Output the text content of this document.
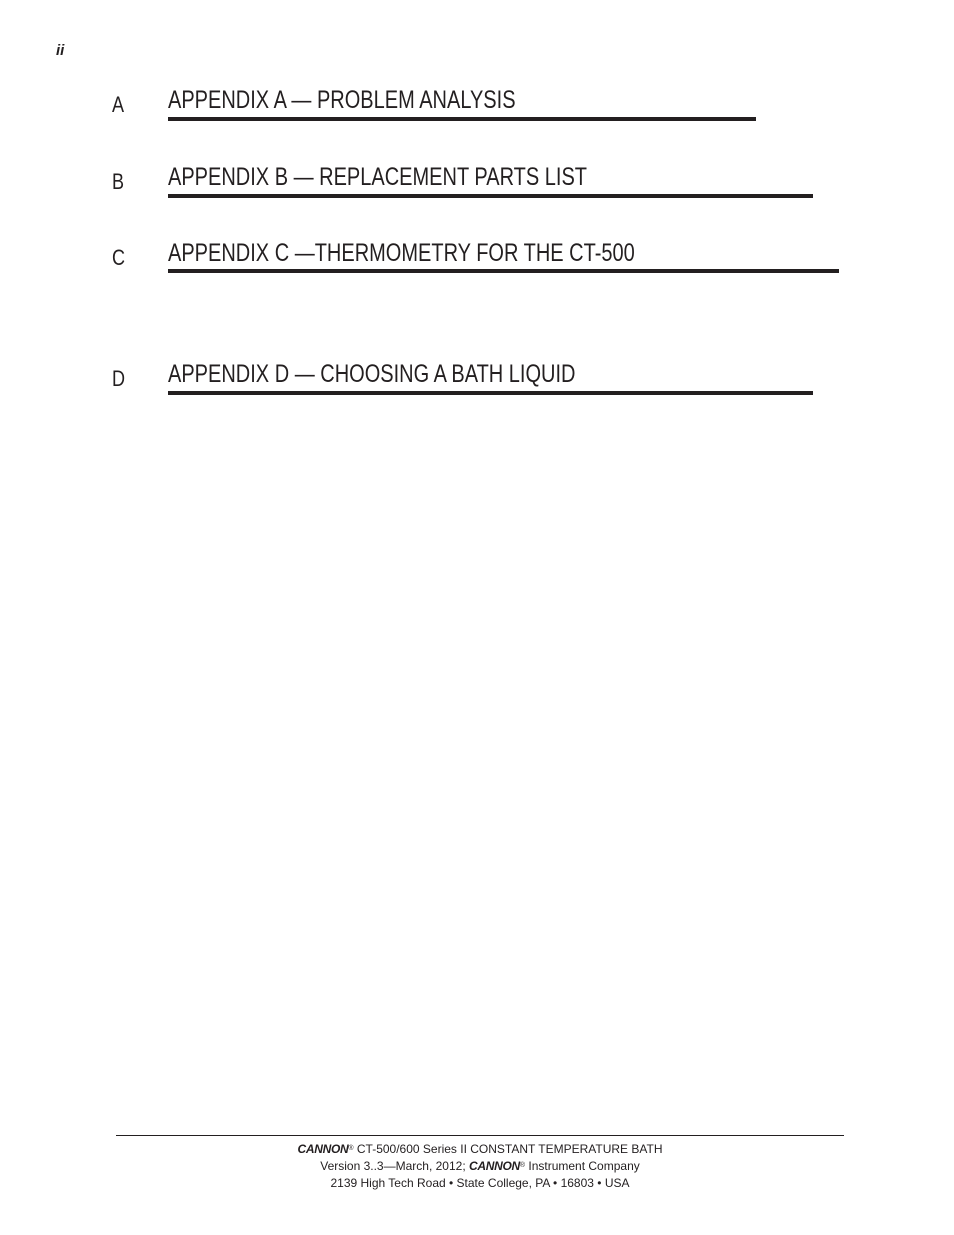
ii
A APPENDIX A — PROBLEM ANALYSIS
B APPENDIX B — REPLACEMENT PARTS LIST
C APPENDIX C —THERMOMETRY FOR THE CT-500
D APPENDIX D — CHOOSING A BATH LIQUID
CANNON® CT-500/600 Series II CONSTANT TEMPERATURE BATH
Version 3..3—March, 2012; CANNON® Instrument Company
2139 High Tech Road • State College, PA • 16803 • USA
